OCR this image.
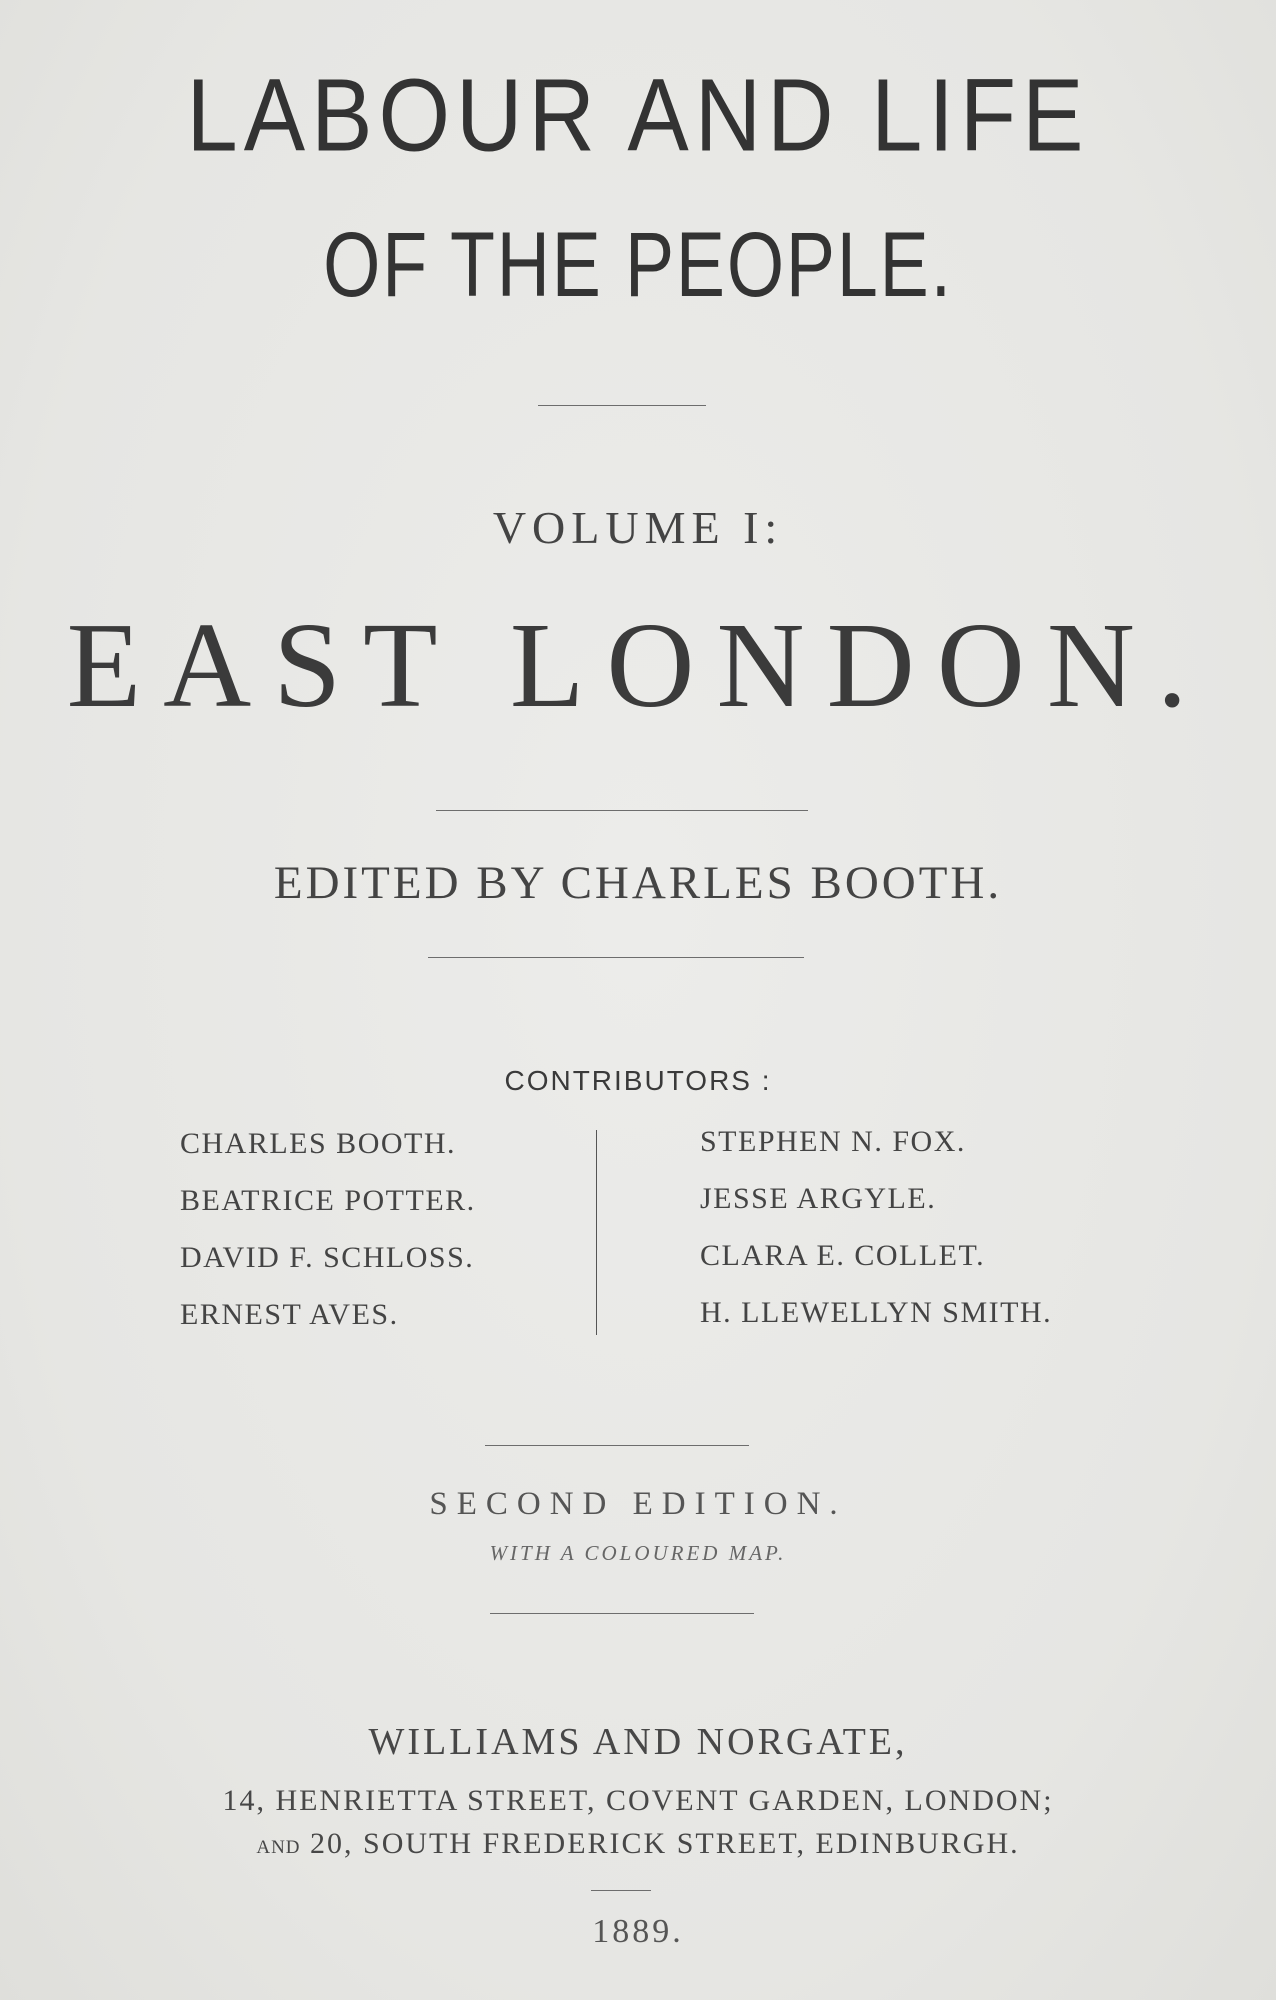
LABOUR AND LIFE
OF THE PEOPLE.
VOLUME I:
EAST LONDON.
EDITED BY CHARLES BOOTH.
CONTRIBUTORS :
CHARLES BOOTH.
BEATRICE POTTER.
DAVID F. SCHLOSS.
ERNEST AVES.
STEPHEN N. FOX.
JESSE ARGYLE.
CLARA E. COLLET.
H. LLEWELLYN SMITH.
SECOND EDITION.
WITH A COLOURED MAP.
WILLIAMS AND NORGATE,
14, HENRIETTA STREET, COVENT GARDEN, LONDON;
AND 20, SOUTH FREDERICK STREET, EDINBURGH.
1889.
